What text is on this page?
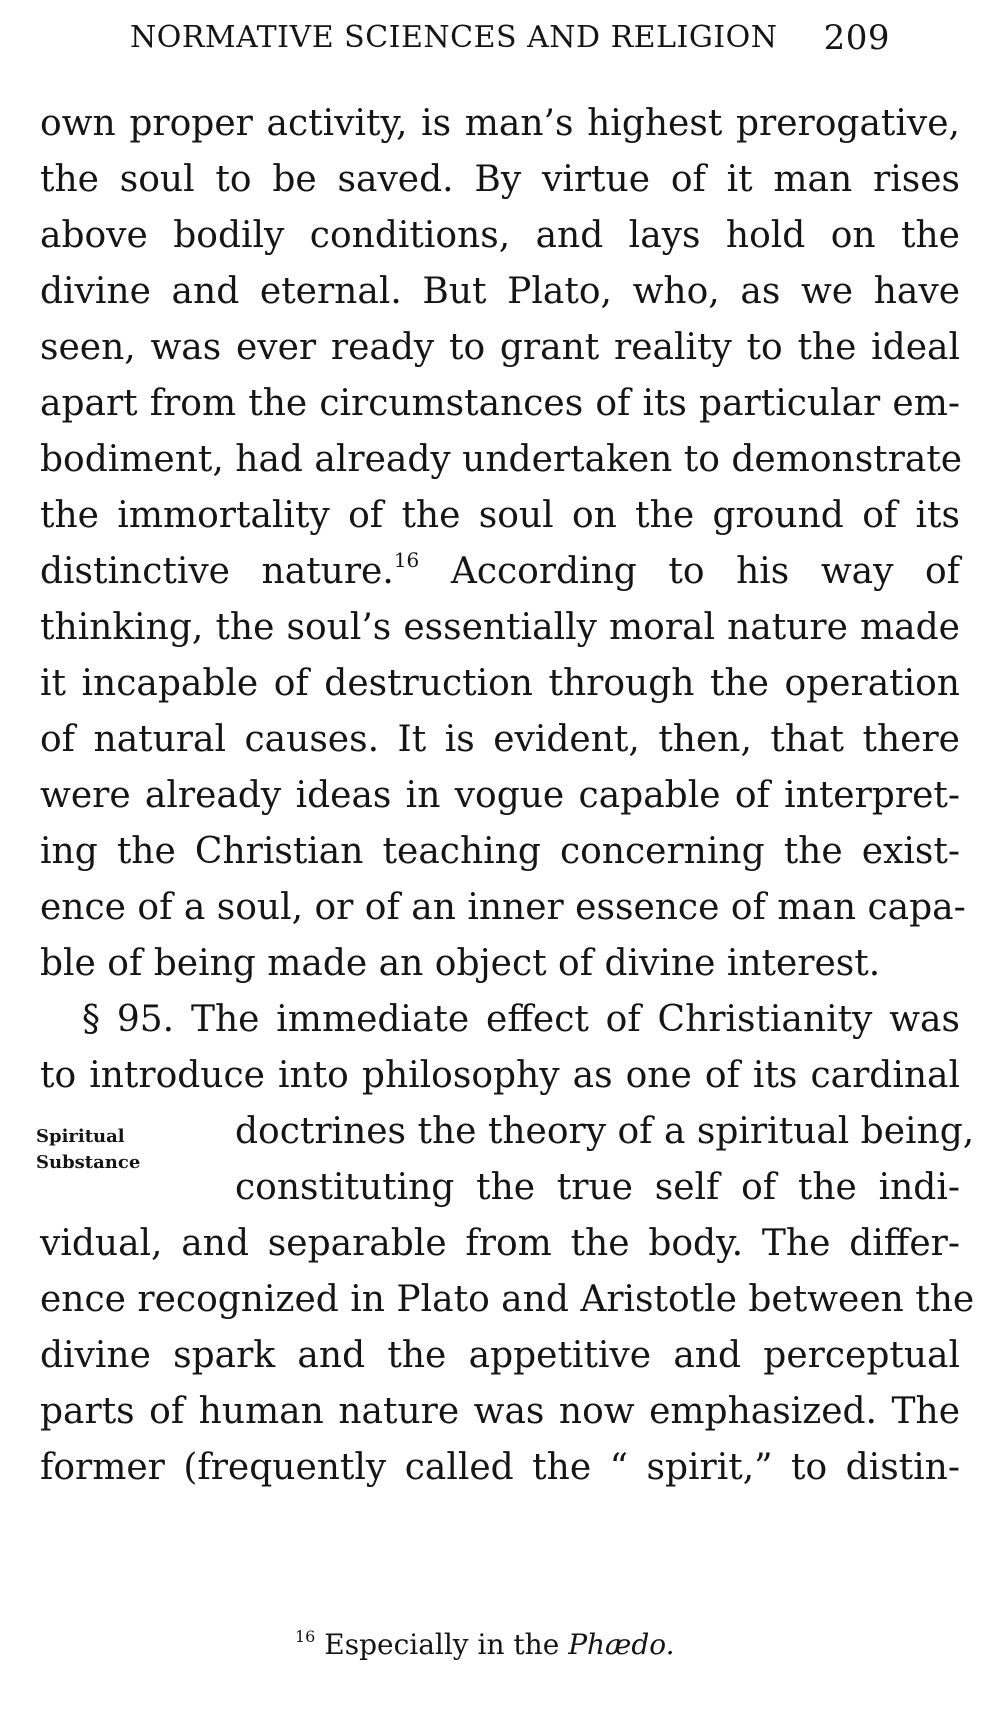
NORMATIVE SCIENCES AND RELIGION 209
own proper activity, is man’s highest prerogative,
the soul to be saved. By virtue of it man rises
above bodily conditions, and lays hold on the
divine and eternal. But Plato, who, as we have
seen, was ever ready to grant reality to the ideal
apart from the circumstances of its particular em-
bodiment, had already undertaken to demonstrate
the immortality of the soul on the ground of its
distinctive nature.$^{16}$ According to his way of
thinking, the soul’s essentially moral nature made
it incapable of destruction through the operation
of natural causes. It is evident, then, that there
were already ideas in vogue capable of interpret-
ing the Christian teaching concerning the exist-
ence of a soul, or of an inner essence of man capa-
ble of being made an object of divine interest.
§ 95. The immediate effect of Christianity was
to introduce into philosophy as one of its cardinal
doctrines the theory of a spiritual being,
constituting the true self of the indi-
vidual, and separable from the body. The differ-
ence recognized in Plato and Aristotle between the
divine spark and the appetitive and perceptual
parts of human nature was now emphasized. The
former (frequently called the “ spirit,” to distin-
Spiritual
Substance
$^{16}$ Especially in the Phædo.
